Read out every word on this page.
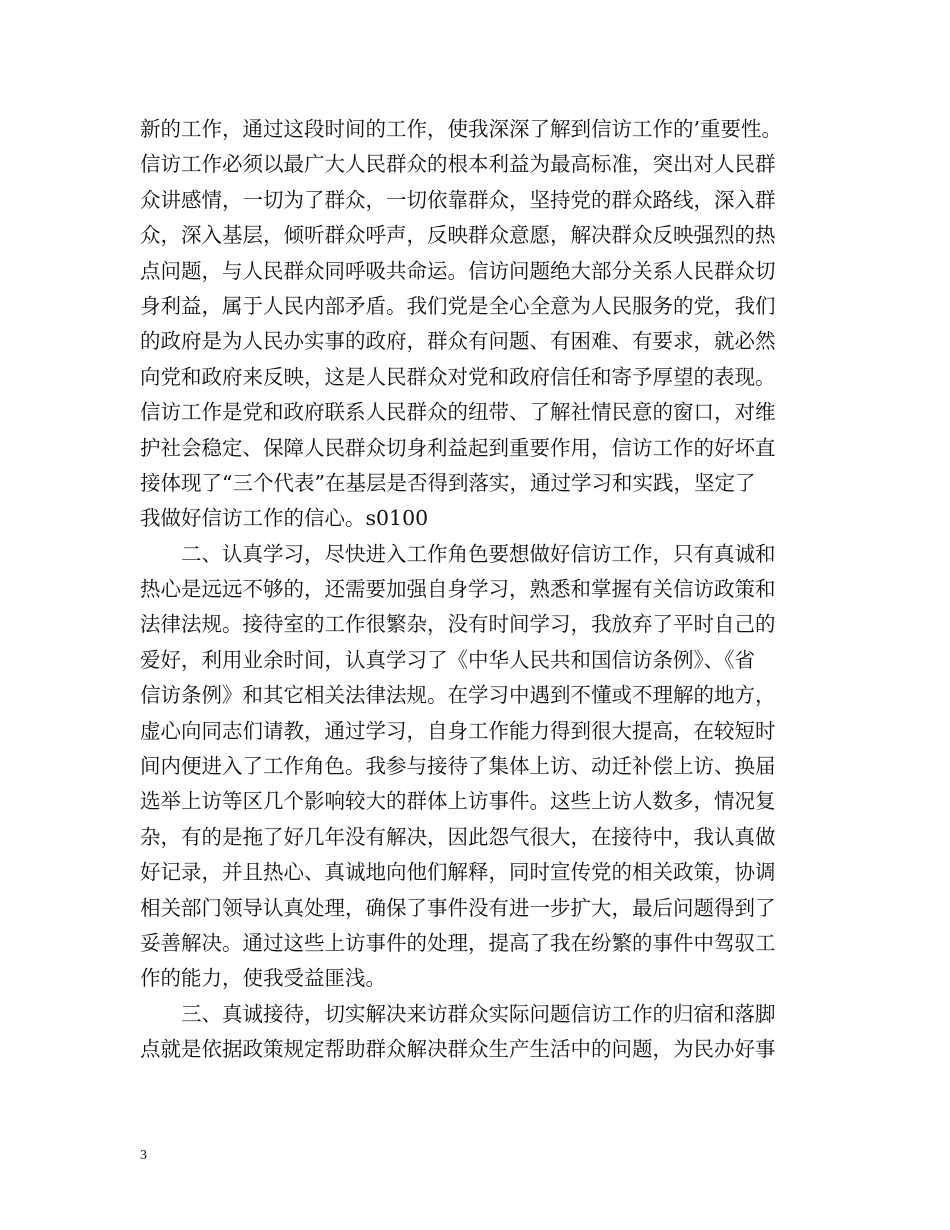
新的工作，通过这段时间的工作，使我深深了解到信访工作的’重要性。
信访工作必须以最广大人民群众的根本利益为最高标准，突出对人民群
众讲感情，一切为了群众，一切依靠群众，坚持党的群众路线，深入群
众，深入基层，倾听群众呼声，反映群众意愿，解决群众反映强烈的热
点问题，与人民群众同呼吸共命运。信访问题绝大部分关系人民群众切
身利益，属于人民内部矛盾。我们党是全心全意为人民服务的党，我们
的政府是为人民办实事的政府，群众有问题、有困难、有要求，就必然
向党和政府来反映，这是人民群众对党和政府信任和寄予厚望的表现。
信访工作是党和政府联系人民群众的纽带、了解社情民意的窗口，对维
护社会稳定、保障人民群众切身利益起到重要作用，信访工作的好坏直
接体现了“三个代表”在基层是否得到落实，通过学习和实践，坚定了
我做好信访工作的信心。s0100
二、认真学习，尽快进入工作角色要想做好信访工作，只有真诚和
热心是远远不够的，还需要加强自身学习，熟悉和掌握有关信访政策和
法律法规。接待室的工作很繁杂，没有时间学习，我放弃了平时自己的
爱好，利用业余时间，认真学习了《中华人民共和国信访条例》、《省
信访条例》和其它相关法律法规。在学习中遇到不懂或不理解的地方，
虚心向同志们请教，通过学习，自身工作能力得到很大提高，在较短时
间内便进入了工作角色。我参与接待了集体上访、动迁补偿上访、换届
选举上访等区几个影响较大的群体上访事件。这些上访人数多，情况复
杂，有的是拖了好几年没有解决，因此怨气很大，在接待中，我认真做
好记录，并且热心、真诚地向他们解释，同时宣传党的相关政策，协调
相关部门领导认真处理，确保了事件没有进一步扩大，最后问题得到了
妥善解决。通过这些上访事件的处理，提高了我在纷繁的事件中驾驭工
作的能力，使我受益匪浅。
三、真诚接待，切实解决来访群众实际问题信访工作的归宿和落脚
点就是依据政策规定帮助群众解决群众生产生活中的问题，为民办好事
3
